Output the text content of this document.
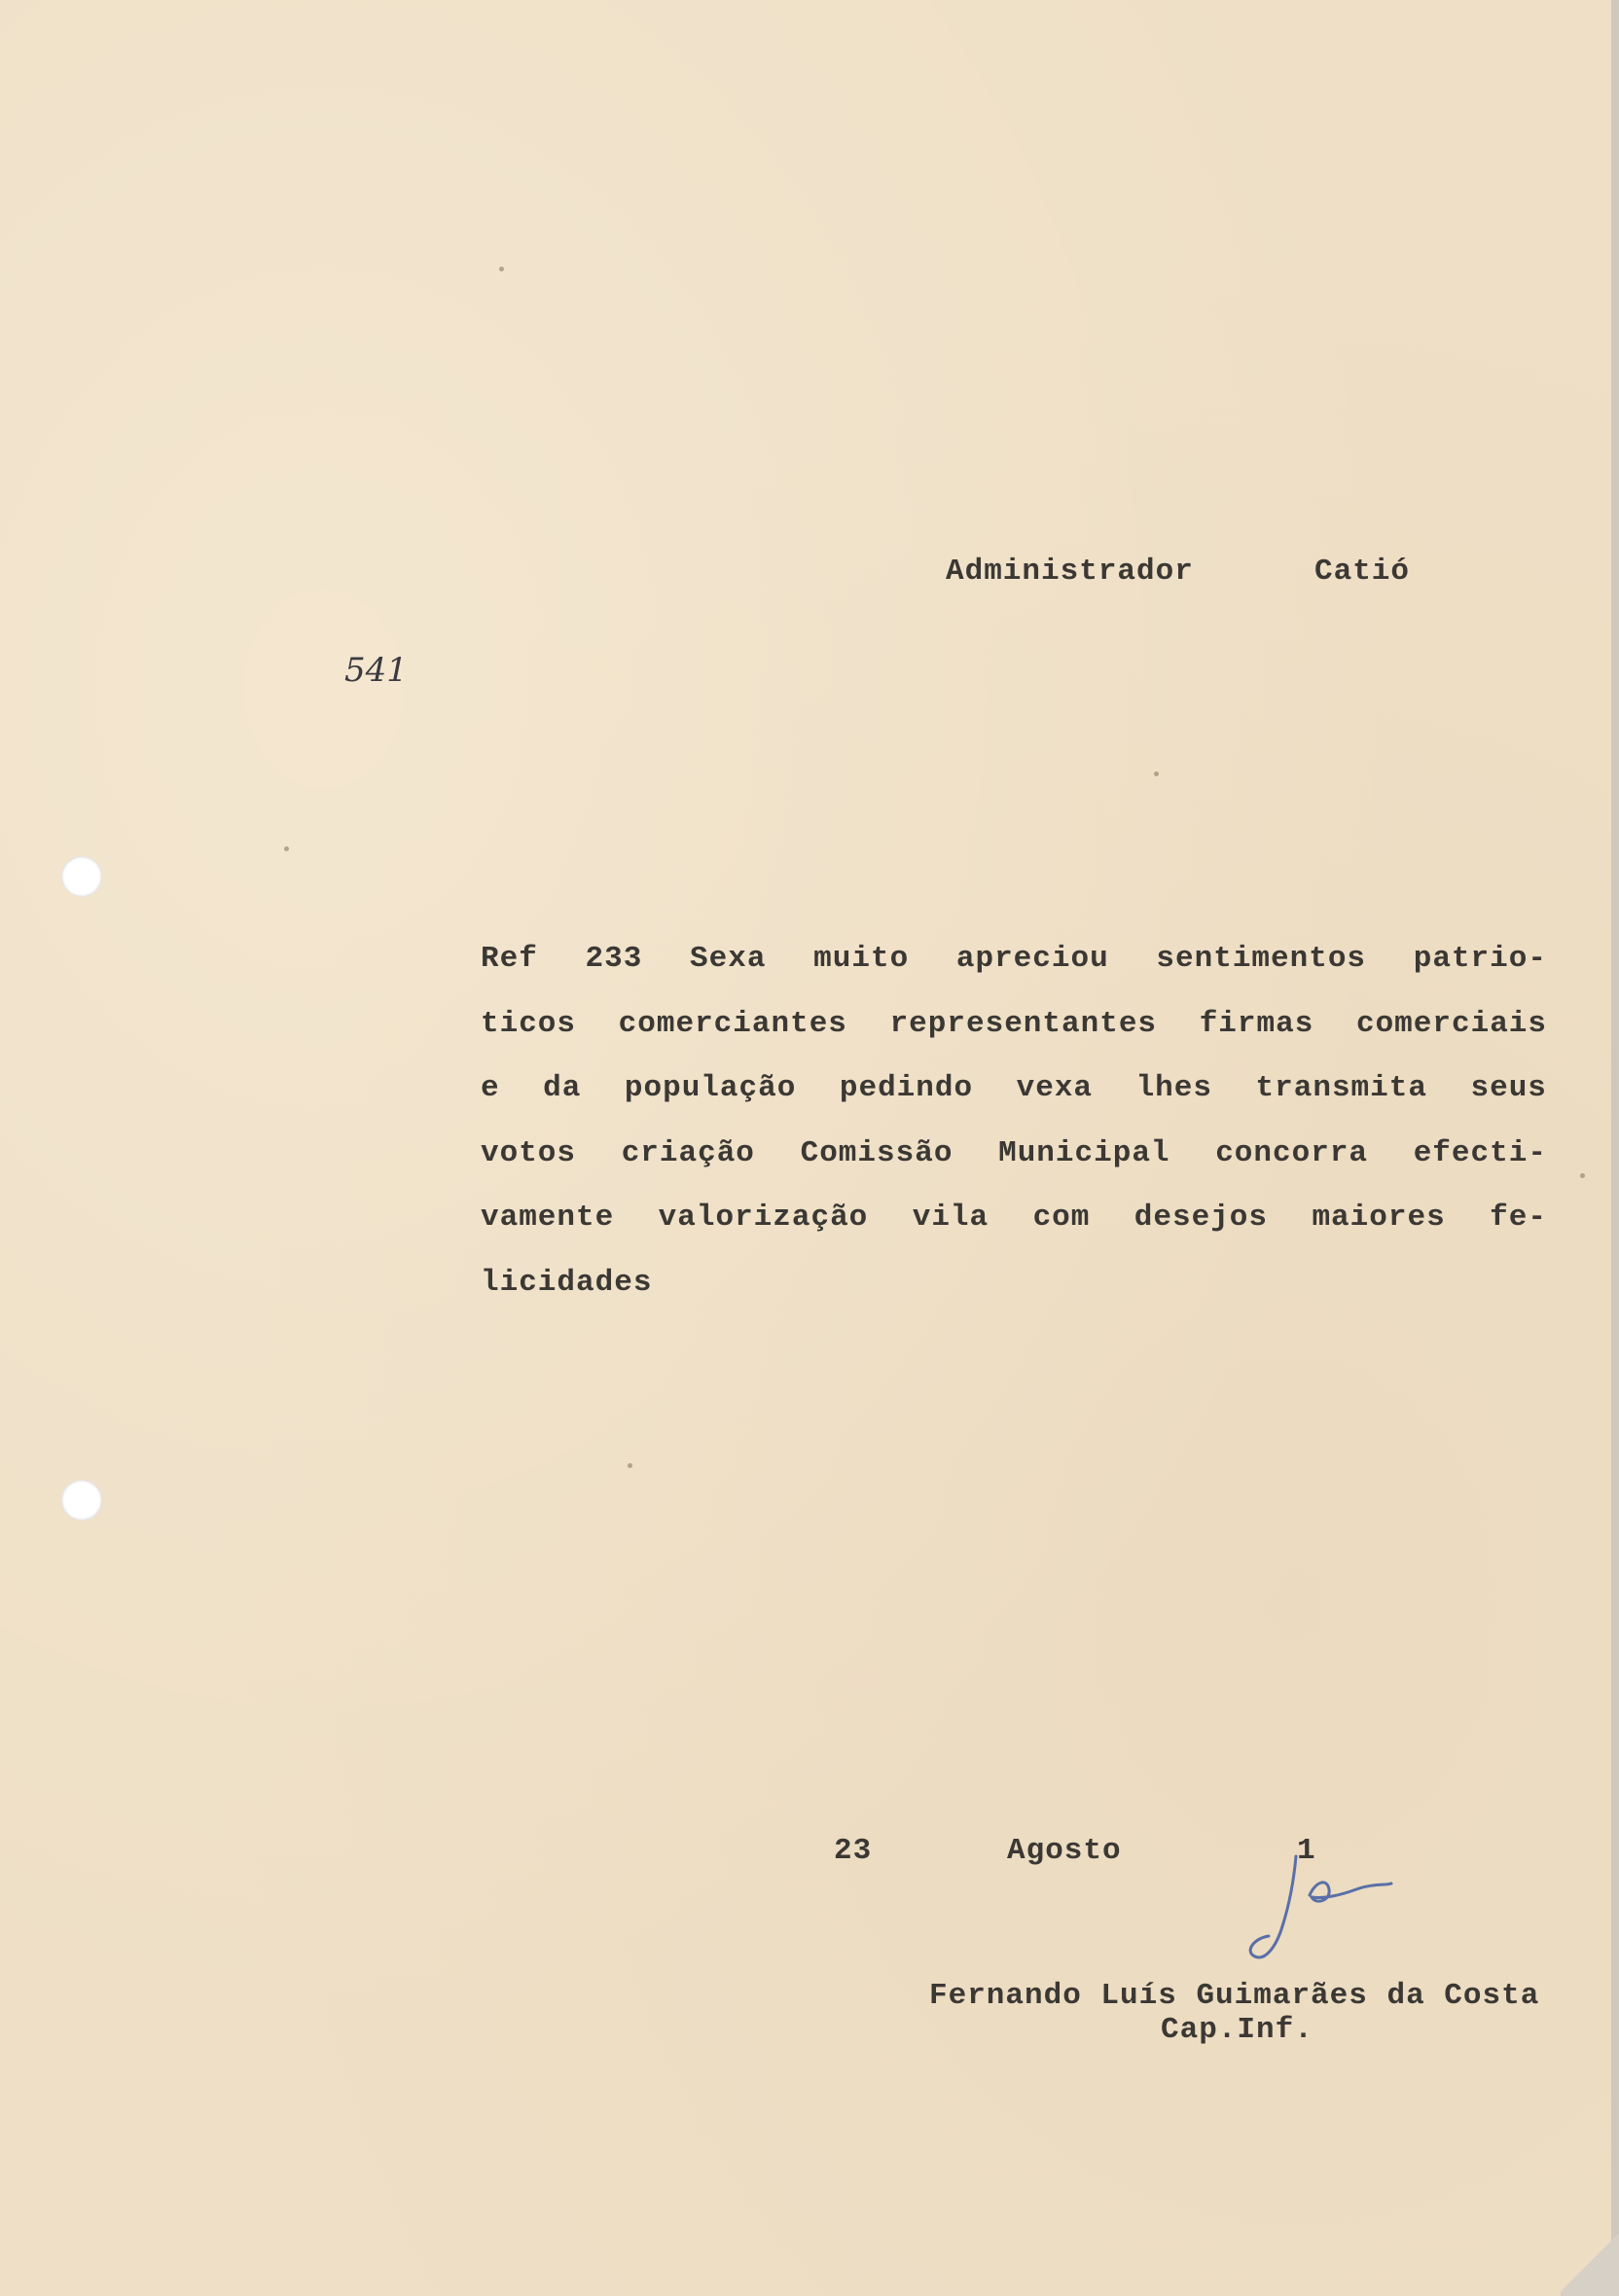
Administrador	Catió
541
Ref 233 Sexa muito apreciou sentimentos patrio-
ticos comerciantes representantes firmas comerciais
e da população pedindo vexa lhes transmita seus
votos criação Comissão Municipal concorra efecti-
vamente valorização vila com desejos maiores fe-
licidades
23	Agosto	1
Fernando Luís Guimarães da Costa
Cap.Inf.
